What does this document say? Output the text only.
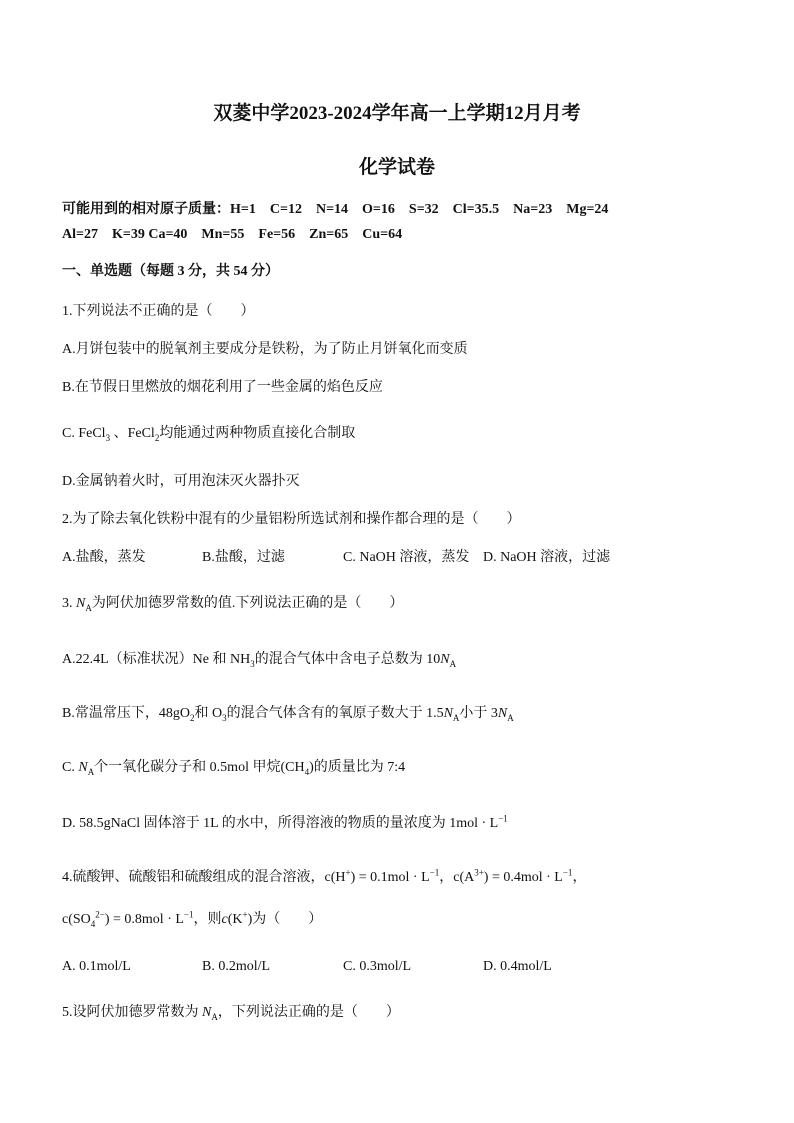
双菱中学2023-2024学年高一上学期12月月考
化学试卷
可能用到的相对原子质量：H=1　C=12　N=14　O=16　S=32　Cl=35.5　Na=23　Mg=24
Al=27　K=39 Ca=40　Mn=55　Fe=56　Zn=65　Cu=64
一、单选题（每题 3 分，共 54 分）
1.下列说法不正确的是（　　）
A.月饼包装中的脱氧剂主要成分是铁粉，为了防止月饼氧化而变质
B.在节假日里燃放的烟花利用了一些金属的焰色反应
C. FeCl$_3$ 、FeCl$_2$均能通过两种物质直接化合制取
D.金属钠着火时，可用泡沫灭火器扑灭
2.为了除去氧化铁粉中混有的少量铝粉所选试剂和操作都合理的是（　　）
A.盐酸，蒸发	B.盐酸，过滤	C. NaOH 溶液，蒸发 D. NaOH 溶液，过滤
3. $N_A$为阿伏加德罗常数的值.下列说法正确的是（　　）
A.22.4L（标准状况）Ne 和 $NH_3$的混合气体中含电子总数为 $10N_A$
B.常温常压下，$48gO_2$和 $O_3$的混合气体含有的氧原子数大于 $1.5N_A$小于 $3N_A$
C. $N_A$个一氧化碳分子和 0.5mol 甲烷$(CH_4)$的质量比为 7:4
D. 58.5gNaCl 固体溶于 1L 的水中，所得溶液的物质的量浓度为 $1mol \cdot L^{-1}$
4.硫酸钾、硫酸铝和硫酸组成的混合溶液，$c(H^+) = 0.1mol \cdot L^{-1}$，$c(A^{3+}) = 0.4mol \cdot L^{-1}$，
$c(SO_4^{2-}) = 0.8mol \cdot L^{-1}$，则c(K+)为（　　）
A. 0.1mol/L	B. 0.2mol/L	C. 0.3mol/L	D. 0.4mol/L
5.设阿伏加德罗常数为 $N_A$，下列说法正确的是（　　）
